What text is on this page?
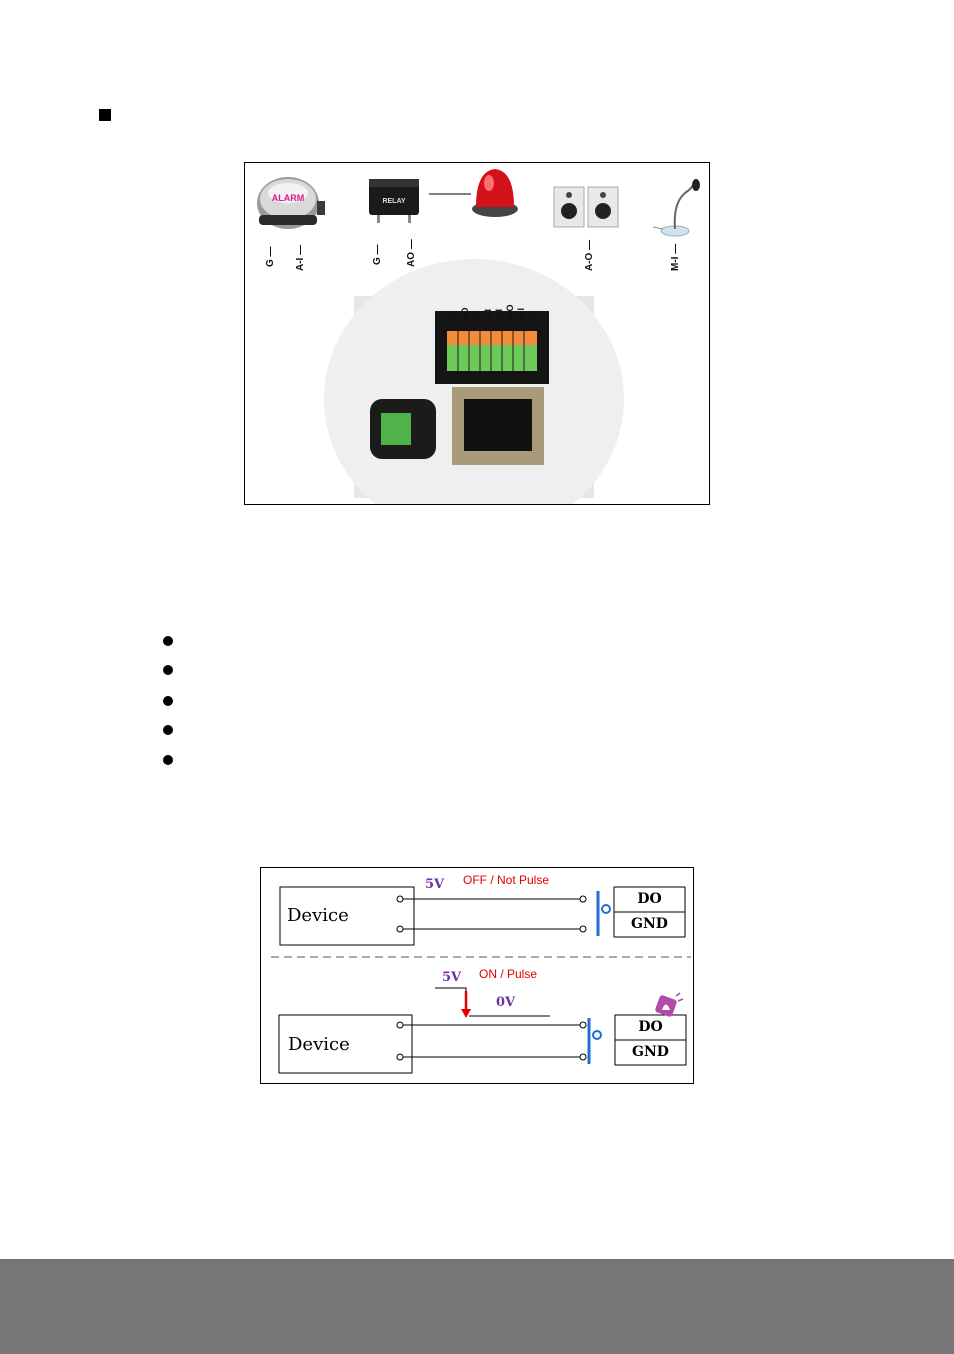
ALARM	RELAY
G — A-I —	G — AO —	A-O —	M-I —
G AO G A-I A-I A-O M-I G
Device
5V OFF / Not Pulse
DO
GND
5V ON / Pulse
0V
Device
DO
GND
